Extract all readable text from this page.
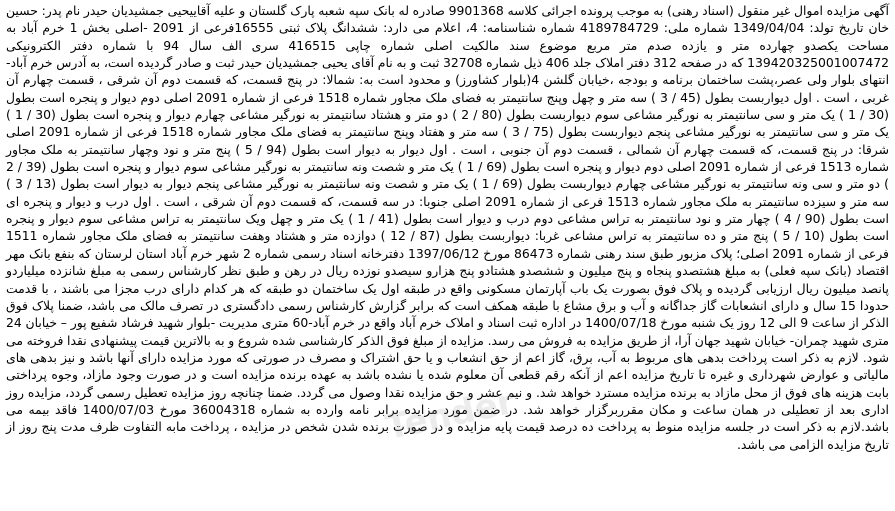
آگهی مزایده اموال غیر منقول (اسناد رهنی) به موجب پرونده اجرائی کلاسه 9901368 صادره له بانک سپه شعبه پارک گلستان و علیه آقاییحیی جمشیدیان حیدر نام پدر: حسین خان تاریخ تولد: 1349/04/04 شماره ملی: 4189784729 شماره شناسنامه: 4، اعلام می دارد: ششدانگ پلاک ثبتی 16555فرعی از 2091 -اصلی بخش 1 خرم آباد به مساحت یکصدو چهارده متر و یازده صدم متر مربع موضوع سند مالکیت اصلی شماره چاپی 416515 سری الف سال 94 با شماره دفتر الکترونیکی 139420325001007472 که در صفحه 312 دفتر املاک جلد 406 ذیل شماره 32708 ثبت و به نام آقای یحیی جمشیدیان حیدر ثبت و صادر گردیده است، به آدرس خرم آباد-انتهای بلوار ولی عصر،پشت ساختمان برنامه و بودجه ،خیابان گلشن 4(بلوار کشاورز) و محدود است به: شمالا: در پنج قسمت، که قسمت دوم آن شرقی ، قسمت چهارم آن غربی ، است . اول دیواربست بطول (45 / 3 ) سه متر و چهل وپنج سانتیمتر به فضای ملک مجاور شماره 1518 فرعی از شماره 2091 اصلی دوم دیوار و پنجره است بطول (30 / 1 ) یک متر و سی سانتیمتر به نورگیر مشاعی سوم دیواربست بطول (80 / 2 ) دو متر و هشتاد سانتیمتر به نورگیر مشاعی چهارم دیوار و پنجره است بطول (30 / 1 ) یک متر و سی سانتیمتر به نورگیر مشاعی پنجم دیواربست بطول (75 / 3 ) سه متر و هفتاد وپنج سانتیمتر به فضای ملک مجاور شماره 1518 فرعی از شماره 2091 اصلی شرقا: در پنج قسمت، که قسمت چهارم آن شمالی ، قسمت دوم آن جنوبی ، است . اول دیوار به دیوار است بطول (94 / 5 ) پنج متر و نود وچهار سانتیمتر به ملک مجاور شماره 1513 فرعی از شماره 2091 اصلی دوم دیوار و پنجره است بطول (69 / 1 ) یک متر و شصت ونه سانتیمتر به نورگیر مشاعی سوم دیوار و پنجره است بطول (39 / 2 ) دو متر و سی ونه سانتیمتر به نورگیر مشاعی چهارم دیواربست بطول (69 / 1 ) یک متر و شصت ونه سانتیمتر به نورگیر مشاعی پنجم دیوار به دیوار است بطول (13 / 3 ) سه متر و سیزده سانتیمتر به ملک مجاور شماره 1513 فرعی از شماره 2091 اصلی جنوبا: در سه قسمت، که قسمت دوم آن شرقی ، است . اول درب و دیوار و پنجره ای است بطول (90 / 4 ) چهار متر و نود سانتیمتر به تراس مشاعی دوم درب و دیوار است بطول (41 / 1 ) یک متر و چهل ویک سانتیمتر به تراس مشاعی سوم دیوار و پنجره است بطول (10 / 5 ) پنج متر و ده سانتیمتر به تراس مشاعی غربا: دیواربست بطول (87 / 12 ) دوازده متر و هشتاد وهفت سانتیمتر به فضای ملک مجاور شماره 1511 فرعی از شماره 2091 اصلی؛ پلاک مزبور طبق سند رهنی شماره 86473 مورخ 1397/06/12 دفترخانه اسناد رسمی شماره 2 شهر خرم آباد استان لرستان که بنفع بانک مهر اقتصاد (بانک سپه فعلی) به مبلغ هشتصدو پنجاه و پنج میلیون و ششصدو هشتادو پنج هزارو سیصدو نوزده ریال در رهن و طبق نظر کارشناس رسمی به مبلغ شانزده میلیاردو پانصد میلیون ریال ارزیابی گردیده و پلاک فوق بصورت یک باب آپارتمان مسکونی واقع در طبقه اول یک ساختمان دو طبقه که هر کدام دارای درب مجزا می باشند ، با قدمت حدودا 15 سال و دارای انشعابات گاز جداگانه و آب و برق مشاع با طبقه همکف است که برابر گزارش کارشناس رسمی دادگستری در تصرف مالک می باشد، ضمنا پلاک فوق الذکر از ساعت 9 الی 12 روز یک شنبه مورخ 1400/07/18 در اداره ثبت اسناد و املاک خرم آباد واقع در خرم آباد-60 متری مدیریت -بلوار شهید فرشاد شفیع پور – خیابان 24 متری شهید چمران- خیابان شهید جهان آرا، از طریق مزایده به فروش می رسد. مزایده از مبلغ فوق الذکر کارشناسی شده شروع و به بالاترین قیمت پیشنهادی نقدا فروخته می شود. لازم به ذکر است پرداخت بدهی های مربوط به آب، برق، گاز اعم از حق انشعاب و یا حق اشتراک و مصرف در صورتی که مورد مزایده دارای آنها باشد و نیز بدهی های مالیاتی و عوارض شهرداری و غیره تا تاریخ مزایده اعم از آنکه رقم قطعی آن معلوم شده یا نشده باشد به عهده برنده مزایده است و در صورت وجود مازاد، وجوه پرداختی بابت هزینه های فوق از محل مازاد به برنده مزایده مسترد خواهد شد. و نیم عشر و حق مزایده نقدا وصول می گردد. ضمنا چنانچه روز مزایده تعطیل رسمی گردد، مزایده روز اداری بعد از تعطیلی در همان ساعت و مکان مقرربرگزار خواهد شد. در ضمن مورد مزایده برابر نامه وارده به شماره 36004318 مورخ 1400/07/03 فاقد بیمه می باشد.لازم به ذکر است در جلسه مزایده منوط به پرداخت ده درصد قیمت پایه مزایده و در صورت برنده شدن شخص در مزایده ، پرداخت مابه التفاوت ظرف مدت پنج روز از تاریخ مزایده الزامی می باشد.

Tender
